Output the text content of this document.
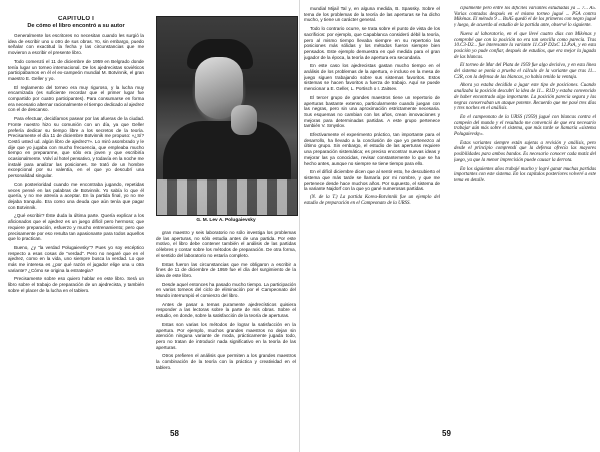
CAPITULO I
De cómo el libro encontró a su autor

Generalmente los escritores no necesitan cuando les surgió la idea de escribir uno u otro de sus obras. Yo, sin embargo, puedo señalar con exactitud la fecha y las circunstancias que me movieron a escribir el presente libro.

Todo comenzó el 11 de diciembre de 1959 en Belgrado donde tenía lugar un torneo internacional. De los ajedrecistas soviéticos participábamos en él el ex-campeón mundial M. Botvinnik, el gran maestro E. Geller y yo.

El reglamento del torneo era muy riguroso, y la lucha muy encarnizada (es suficiente recordar que el primer lugar fue compartido por cuatro participantes). Para consumarse en forma era necesario alternar racionalmente el tiempo dedicado al ajedrez con el de descanso.

Para efectuar, decidíamos pasear por las afueras de la ciudad. Fronte nuestro hizo su comunión con un día, ya que Geller prefería dedicar su tiempo libre a los secretos de la teoría. Precisamente el día 11 de diciembre Botvinnik me propuso: «¿Sí? Cestó usted ud. algún libro de ajedrez?». Lo miró asombrado y le dije que yo jugaba con mucho frecuencia, que empleaba mucho tiempo en prepararme, que sólo era joven y que escribiría ocasionalmente. Volví al hotel pensativo, y todavía en la noche me instalé para analizar las posiciones. Se trató de un hombre excepcional por su valentía, en el que yo descubrí una personalidad singular.

Con posterioridad cuando me encontraba jugando, repetidas veces pensé en las palabras de Botvinnik. Yo sabía lo que él quería, y no me atrevía a aceptar. En la partida final, yo no me dejaba tranquilo. Era como una deuda que aún tenía que pagar con Botvinnik.

¿Qué escribir? Éste duda la última parte. Quería explicar a los aficionados que el ajedrez es un juego difícil pero hermoso; que requiere preparación, esfuerzo y mucho entrenamiento; pero que precisamente por eso resulta tan apasionante para todos aquellos que lo practican.

Bueno, ¿y "la verdad Polugaievsky"? Pues yo soy escéptico respecto a esas cosas de "verdad". Pero no negaré que en el ajedrez, como en la vida, uno siempre busca la verdad. Lo que más me interesa es ¿por qué razón el jugador elige una u otra variante? ¿Cómo se origina la estrategia?

Precisamente sobre eso quiero hablar en este libro. Será un libro sobre el trabajo de preparación de un ajedrecista, y también sobre el placer de la lucha en el tablero.

G. M. Lev A. Polugaievsky

gran maestro y seis laboratorio no sólo investiga los problemas de las aperturas, no sólo estudia antes de una partida. Por este motivo, el libro debe contener también el análisis de las partidas célebres y contar sobre los métodos de preparación. De otra forma, el sentido del laboratorio no estaría completo.

Estas fueron las circunstancias que me obligaron a escribir a fines de 11 de diciembre de 1959 fue el día del surgimiento de la idea de este libro.

Desde aquel entonces ha pasado mucho tiempo. La participación en varios torneos del ciclo de eliminación por el Campeonato del Mundo interrumpió el comienzo del libro.

Antes de pasar a temas puramente ajedrecísticos quisiera responder a las lectoras sobre la parte de mis obras. Sobre el estudio, en donde, sobre la satisfacción de la teoría de aperturas.

Estas son varias los métodos de lograr la satisfacción en la apertura. Por ejemplo, muchos grandes maestros no dejan sin atención ninguna variante de moda, prácticamente jugada todo, pero no tratan de introducir nada significativo en la teoría de las aperturas.

Otros prefieren el análisis que permiten a los grandes maestros la combinación de la teoría con la práctica y creatividad en el tablero.

58

mundial Mijail Tal y, en alguna medida, B. Spassky. Sobre el tema de los problemas de la teoría de las aperturas se ha dicho mucho, y tiene un carácter general.

Todo lo contrario ocurre, se trata sobre el punto de vista de los sacrificios: por ejemplo, que Capablanca consideró débil la teoría, pero al mismo tiempo llevaba siempre en su repertorio las posiciones más sólidas y los métodos fueron siempre bien pensados. Este ejemplo demuestra en qué medida para el gran jugador de la época, la teoría de apertura era secundaria.

En este caso los ajedrecistas gastan mucho tiempo en el análisis de los problemas de la apertura, e incluso en la mesa de juego siguen trabajando sobre sus sistemas favoritos. Estos sistemas se hacen favoritos a fuerza de trabajo. Aquí se puede mencionar a E. Geller, L. Portisch o I. Zaitsev.

El tercer grupo de grandes maestros tiene un repertorio de aperturas bastante extenso, particularmente cuando juegan con las negras, pero sin una aproximación estrictamente necesaria. Sus esquemas no cambian con los años, crean innovaciones y mejoras para determinadas partidas. A este grupo pertenece también V. Smyslov.

Efectivamente el experimento práctico, tan importante para el desarrollo, ha llevado a la conclusión de que yo pertenezco al último grupo. Sin embargo, el estudio de las aperturas requiere una preparación sistemática; es preciso encontrar nuevas ideas y mejorar las ya conocidas, revisar constantemente lo que se ha hecho antes, aunque no siempre se tiene tiempo para ello.

En el difícil diciembre dicen que al sentir esto, he descubierto el sistema que más tarde se llamaría por mi nombre, y que me pertenece desde hace muchos años. Por supuesto, el sistema de la variante Najdorf con la que yo gané numerosas partidas.

(N. de la T.) La partida Korea-Botvinnik fue un ejemplo del estudio de preparación en el Campeonato de la URSS.

cipalmente pero entre los difíciles variantes estudiadas ya ... 7... A5. Varias contadas después en el mismo torneo jugué ... P5A contra Mikénas. El método 9 ... BxA5 quedó el de los primeros con negro jugué y luego, de acuerdo al estudio de la partida ante, observé lo siguiente.

Nueva al laboratorio, en el que llevé cuatro días con Mikénas y comprobé que con la posición no era tan sencilla como parecía. Tras 10.C3-D2... fue interesante la variante 11.CxP D2xC 12.PxA, y en esta posición yo pude confiar, después de estudios, que era mejor la jugada de las blancas.

El torneo de Mar del Plata de 1959 fue algo decisivo, y en esta línea del sistema se ponía a prueba el cálculo de la variante que tras 11... C2R, con la defensa de las blancas, yo había tenido la ventaja.

Ahora ya estaba decidido a jugar este tipo de posiciones. Cuando analizaba la posición descubrí la idea de 11... R1D y estaba convencido de haber encontrado algo importante. La posición parecía segura y las negras conservaban un ataque potente. Recuerdo que me pasé tres días y tres noches en el análisis.

En el campeonato de la URSS (1959) jugué con blancas contra el campeón del mundo y el resultado me convenció de que era necesario trabajar aún más sobre el sistema, que más tarde se llamaría «sistema Polugaievsky».

Estas variantes siempre están sujetas a revisión y análisis, pero desde el principio comprendí que la defensa ofrecía las mayores posibilidades para ambos bandos. Es necesario conocer cada matiz del juego, ya que la menor imprecisión puede causar la derrota.

En los siguientes años trabajé mucho y logré ganar muchas partidas importantes con este sistema. En los capítulos posteriores volveré a este tema en detalle.

59
